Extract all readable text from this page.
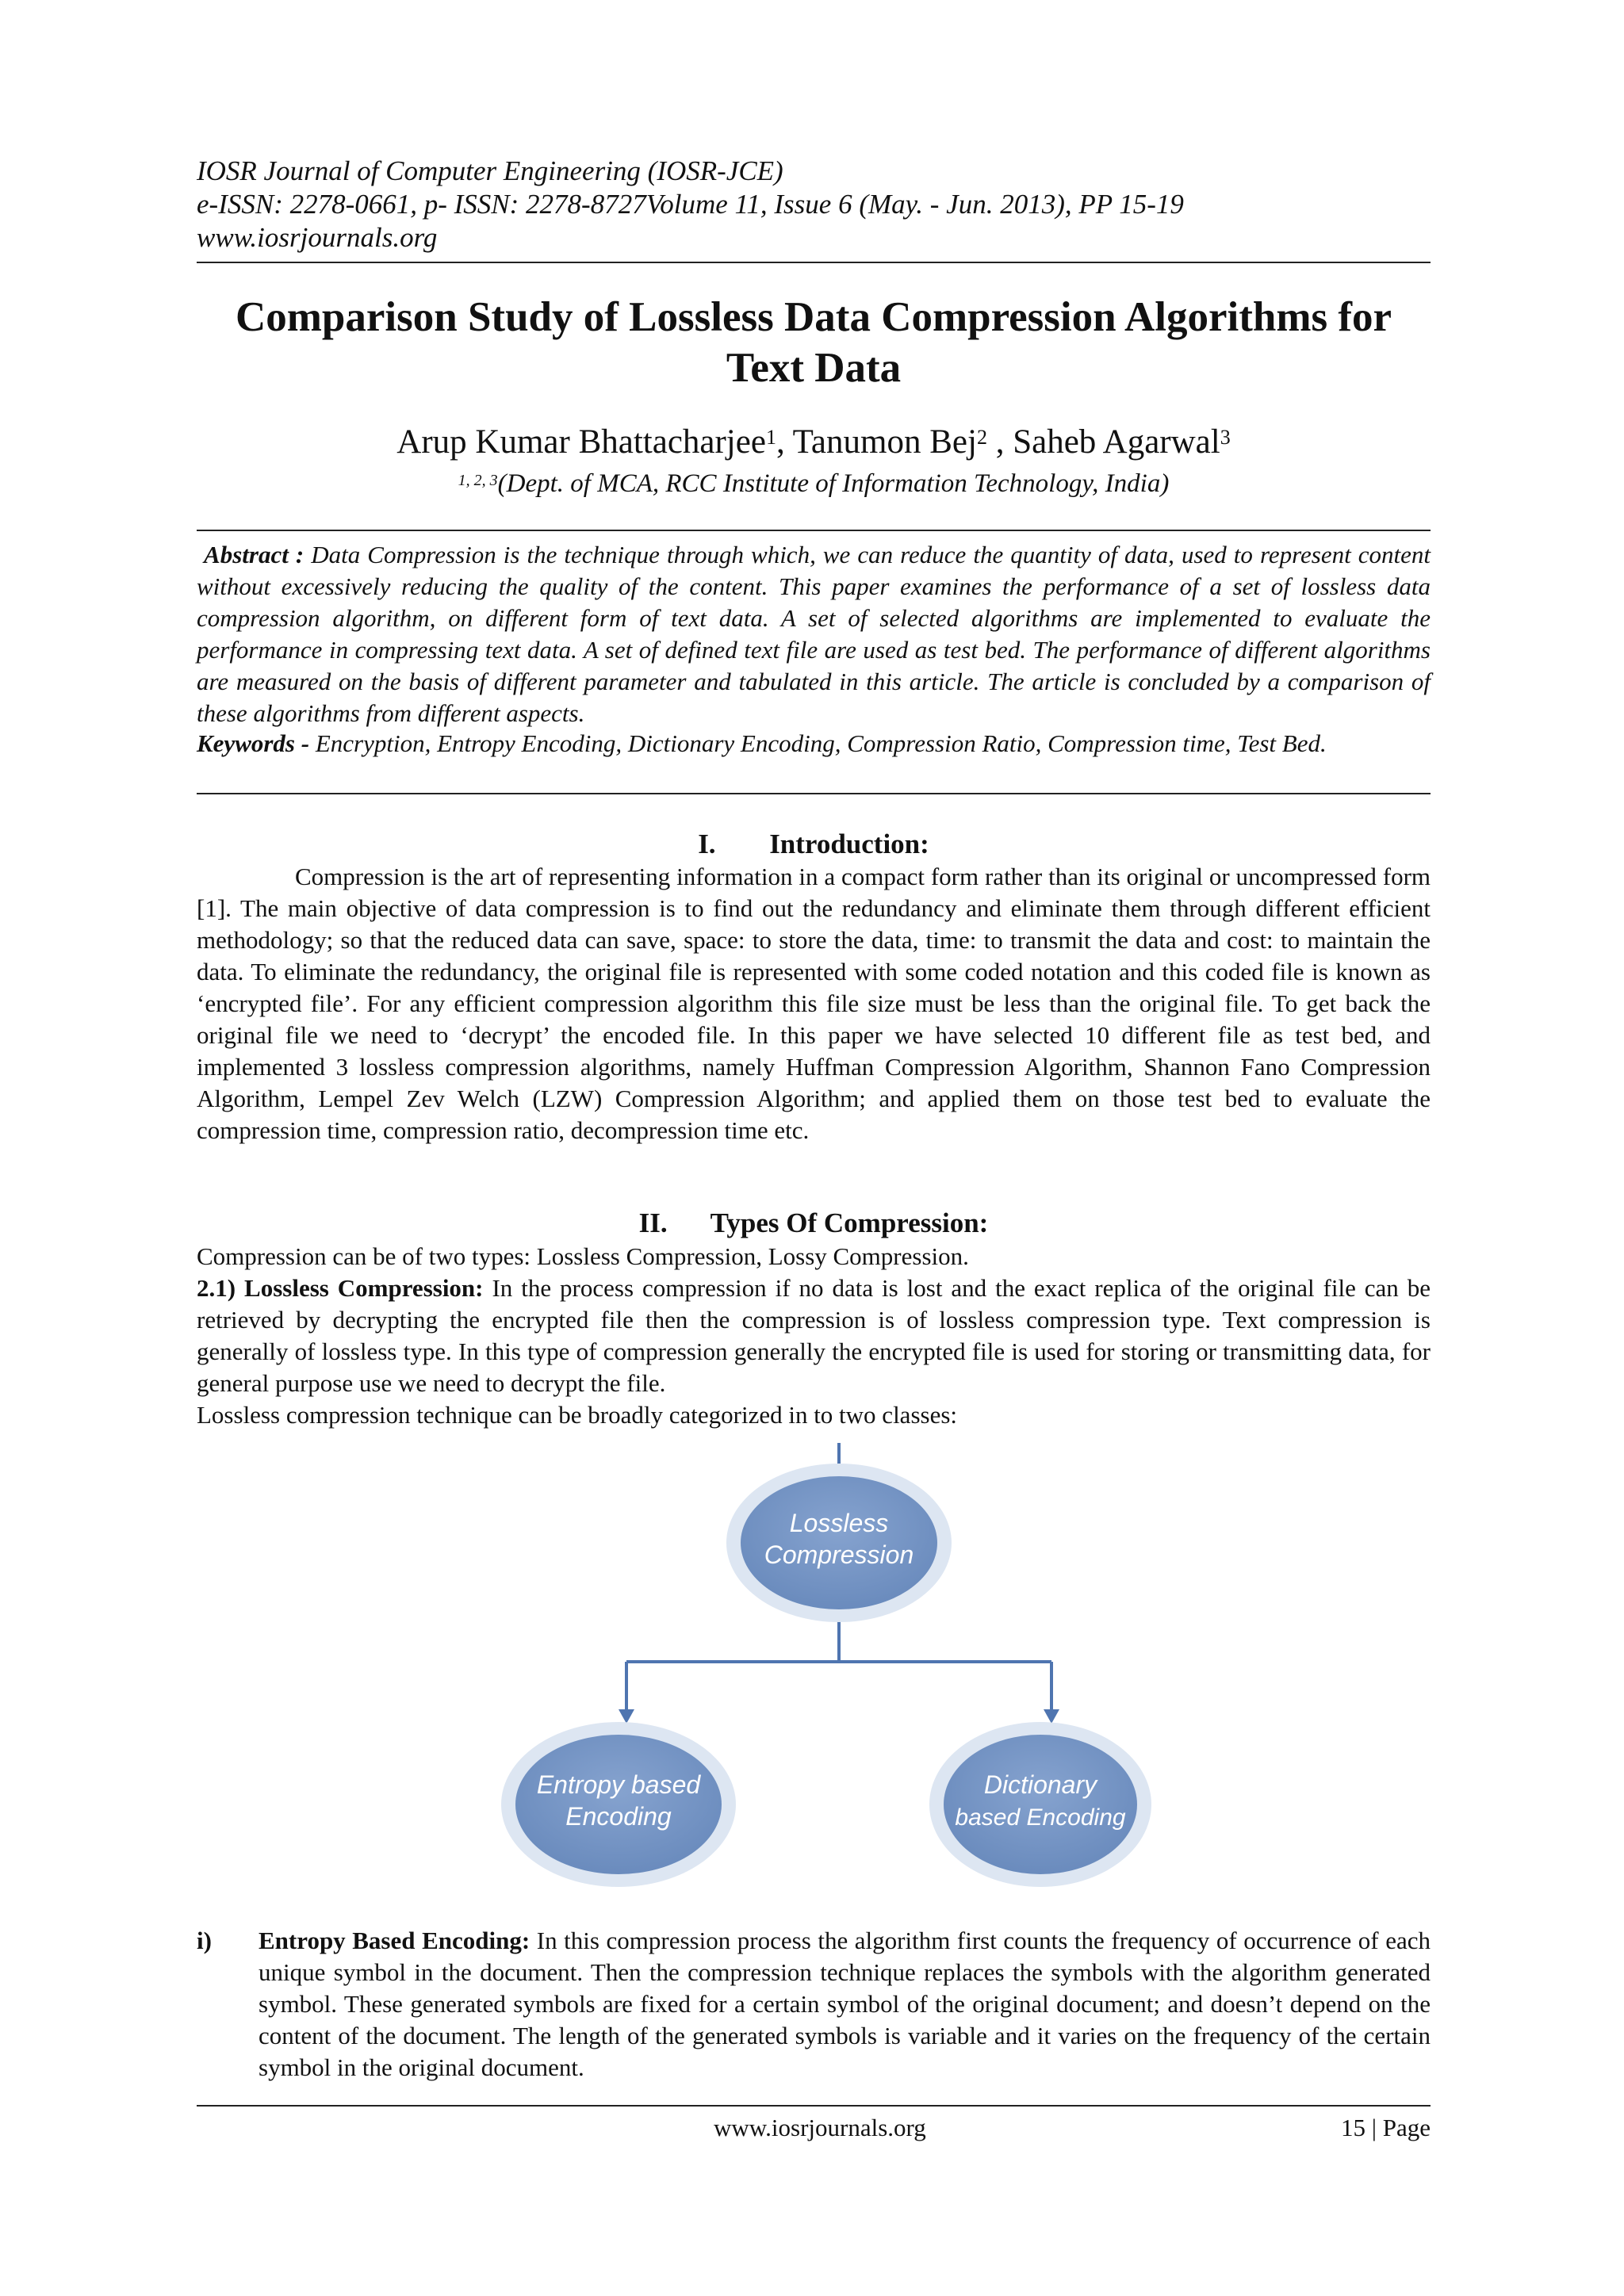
IOSR Journal of Computer Engineering (IOSR-JCE)
e-ISSN: 2278-0661, p- ISSN: 2278-8727Volume 11, Issue 6 (May. - Jun. 2013), PP 15-19
www.iosrjournals.org
Comparison Study of Lossless Data Compression Algorithms for
Text Data
Arup Kumar Bhattacharjee$^1$, Tanumon Bej$^2$ , Saheb Agarwal$^3$
$^{1, 2, 3}$(Dept. of MCA, RCC Institute of Information Technology, India)
Abstract : Data Compression is the technique through which, we can reduce the quantity of data, used to represent content without excessively reducing the quality of the content. This paper examines the performance of a set of lossless data compression algorithm, on different form of text data. A set of selected algorithms are implemented to evaluate the performance in compressing text data. A set of defined text file are used as test bed. The performance of different algorithms are measured on the basis of different parameter and tabulated in this article. The article is concluded by a comparison of these algorithms from different aspects.
Keywords - Encryption, Entropy Encoding, Dictionary Encoding, Compression Ratio, Compression time, Test Bed.
I. Introduction:
Compression is the art of representing information in a compact form rather than its original or uncompressed form [1]. The main objective of data compression is to find out the redundancy and eliminate them through different efficient methodology; so that the reduced data can save, space: to store the data, time: to transmit the data and cost: to maintain the data. To eliminate the redundancy, the original file is represented with some coded notation and this coded file is known as ‘encrypted file’. For any efficient compression algorithm this file size must be less than the original file. To get back the original file we need to ‘decrypt’ the encoded file. In this paper we have selected 10 different file as test bed, and implemented 3 lossless compression algorithms, namely Huffman Compression Algorithm, Shannon Fano Compression Algorithm, Lempel Zev Welch (LZW) Compression Algorithm; and applied them on those test bed to evaluate the compression time, compression ratio, decompression time etc.
II. Types Of Compression:
Compression can be of two types: Lossless Compression, Lossy Compression.
2.1) Lossless Compression: In the process compression if no data is lost and the exact replica of the original file can be retrieved by decrypting the encrypted file then the compression is of lossless compression type. Text compression is generally of lossless type. In this type of compression generally the encrypted file is used for storing or transmitting data, for general purpose use we need to decrypt the file.
Lossless compression technique can be broadly categorized in to two classes:
Lossless
Compression
Entropy based
Encoding
Dictionary
based Encoding
i) Entropy Based Encoding: In this compression process the algorithm first counts the frequency of occurrence of each unique symbol in the document. Then the compression technique replaces the symbols with the algorithm generated symbol. These generated symbols are fixed for a certain symbol of the original document; and doesn’t depend on the content of the document. The length of the generated symbols is variable and it varies on the frequency of the certain symbol in the original document.
www.iosrjournals.org	15 | Page
